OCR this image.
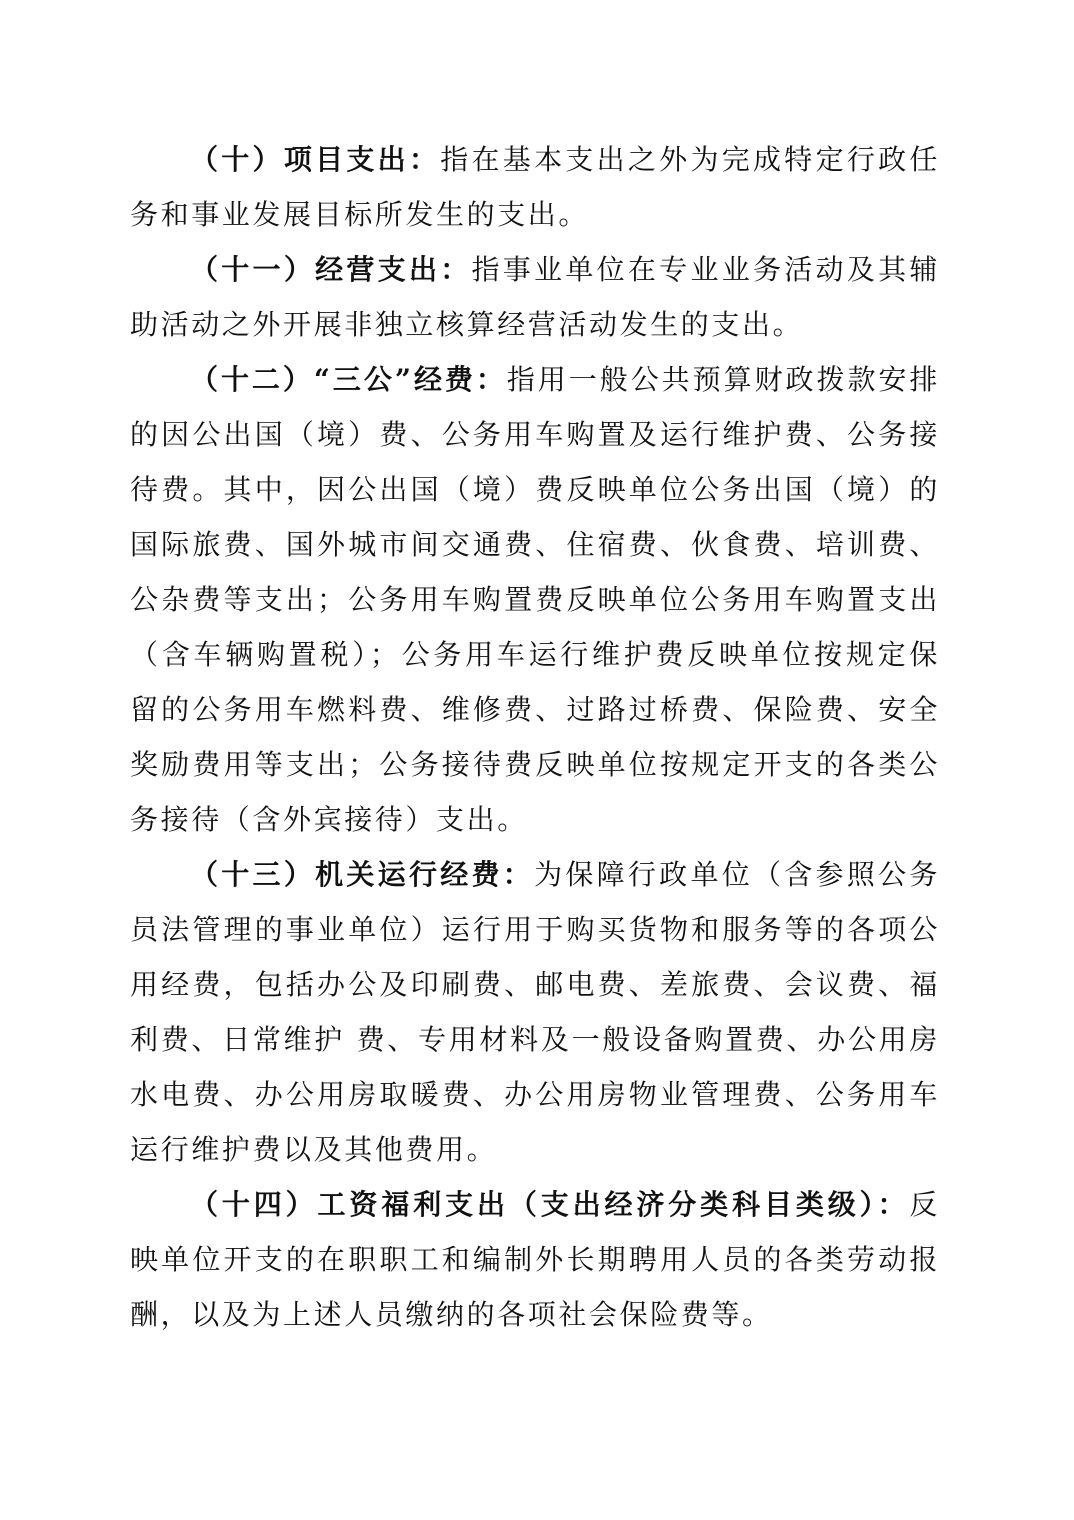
（十）项目支出：指在基本支出之外为完成特定行政任务和事业发展目标所发生的支出。

（十一）经营支出：指事业单位在专业业务活动及其辅助活动之外开展非独立核算经营活动发生的支出。

（十二）“三公”经费：指用一般公共预算财政拨款安排的因公出国（境）费、公务用车购置及运行维护费、公务接待费。其中，因公出国（境）费反映单位公务出国（境）的国际旅费、国外城市间交通费、住宿费、伙食费、培训费、公杂费等支出；公务用车购置费反映单位公务用车购置支出（含车辆购置税）；公务用车运行维护费反映单位按规定保留的公务用车燃料费、维修费、过路过桥费、保险费、安全奖励费用等支出；公务接待费反映单位按规定开支的各类公务接待（含外宾接待）支出。

（十三）机关运行经费：为保障行政单位（含参照公务员法管理的事业单位）运行用于购买货物和服务等的各项公用经费，包括办公及印刷费、邮电费、差旅费、会议费、福利费、日常维护 费、专用材料及一般设备购置费、办公用房水电费、办公用房取暖费、办公用房物业管理费、公务用车运行维护费以及其他费用。

（十四）工资福利支出（支出经济分类科目类级）：反映单位开支的在职职工和编制外长期聘用人员的各类劳动报酬，以及为上述人员缴纳的各项社会保险费等。
